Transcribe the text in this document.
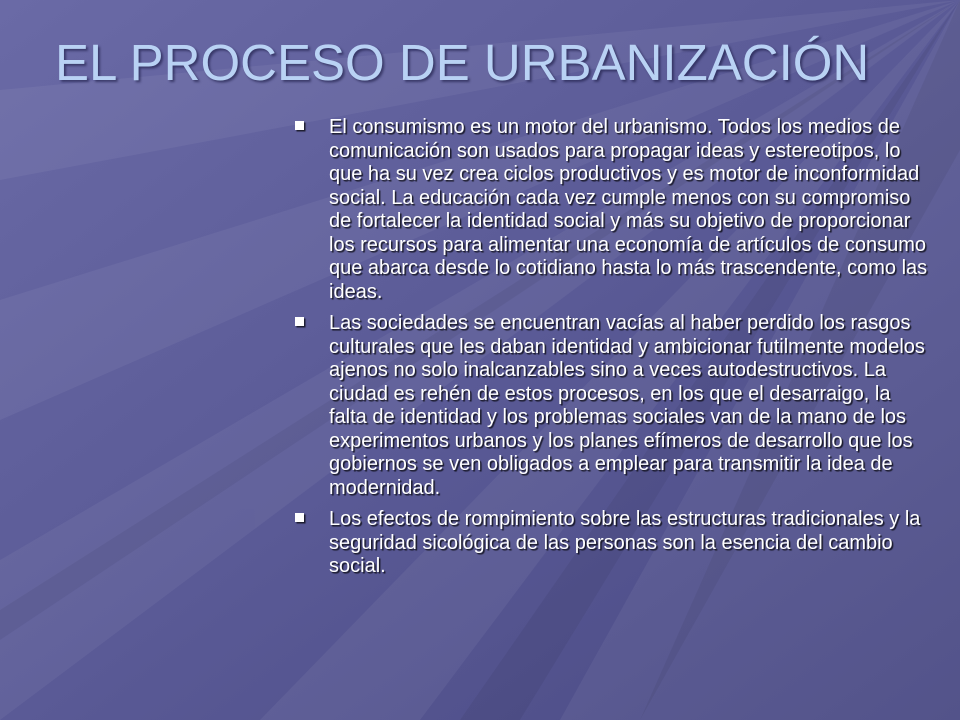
EL PROCESO DE URBANIZACIÓN
El consumismo es un motor del urbanismo. Todos los medios de comunicación son usados para propagar ideas y estereotipos, lo que ha su vez crea ciclos productivos y es motor de inconformidad social. La educación cada vez cumple menos con su compromiso de fortalecer la identidad social y más su objetivo de proporcionar los recursos para alimentar una economía de artículos de consumo que abarca desde lo cotidiano hasta lo más trascendente, como las ideas.
Las sociedades se encuentran vacías al haber perdido los rasgos culturales que les daban identidad y ambicionar futilmente modelos ajenos no solo inalcanzables sino a veces autodestructivos. La ciudad es rehén de estos procesos, en los que el desarraigo, la falta de identidad y los problemas sociales van de la mano de los experimentos urbanos y los planes efímeros de desarrollo que los gobiernos se ven obligados a emplear para transmitir la idea de modernidad.
Los efectos de rompimiento sobre las estructuras tradicionales y la seguridad sicológica de las personas son la esencia del cambio social.
